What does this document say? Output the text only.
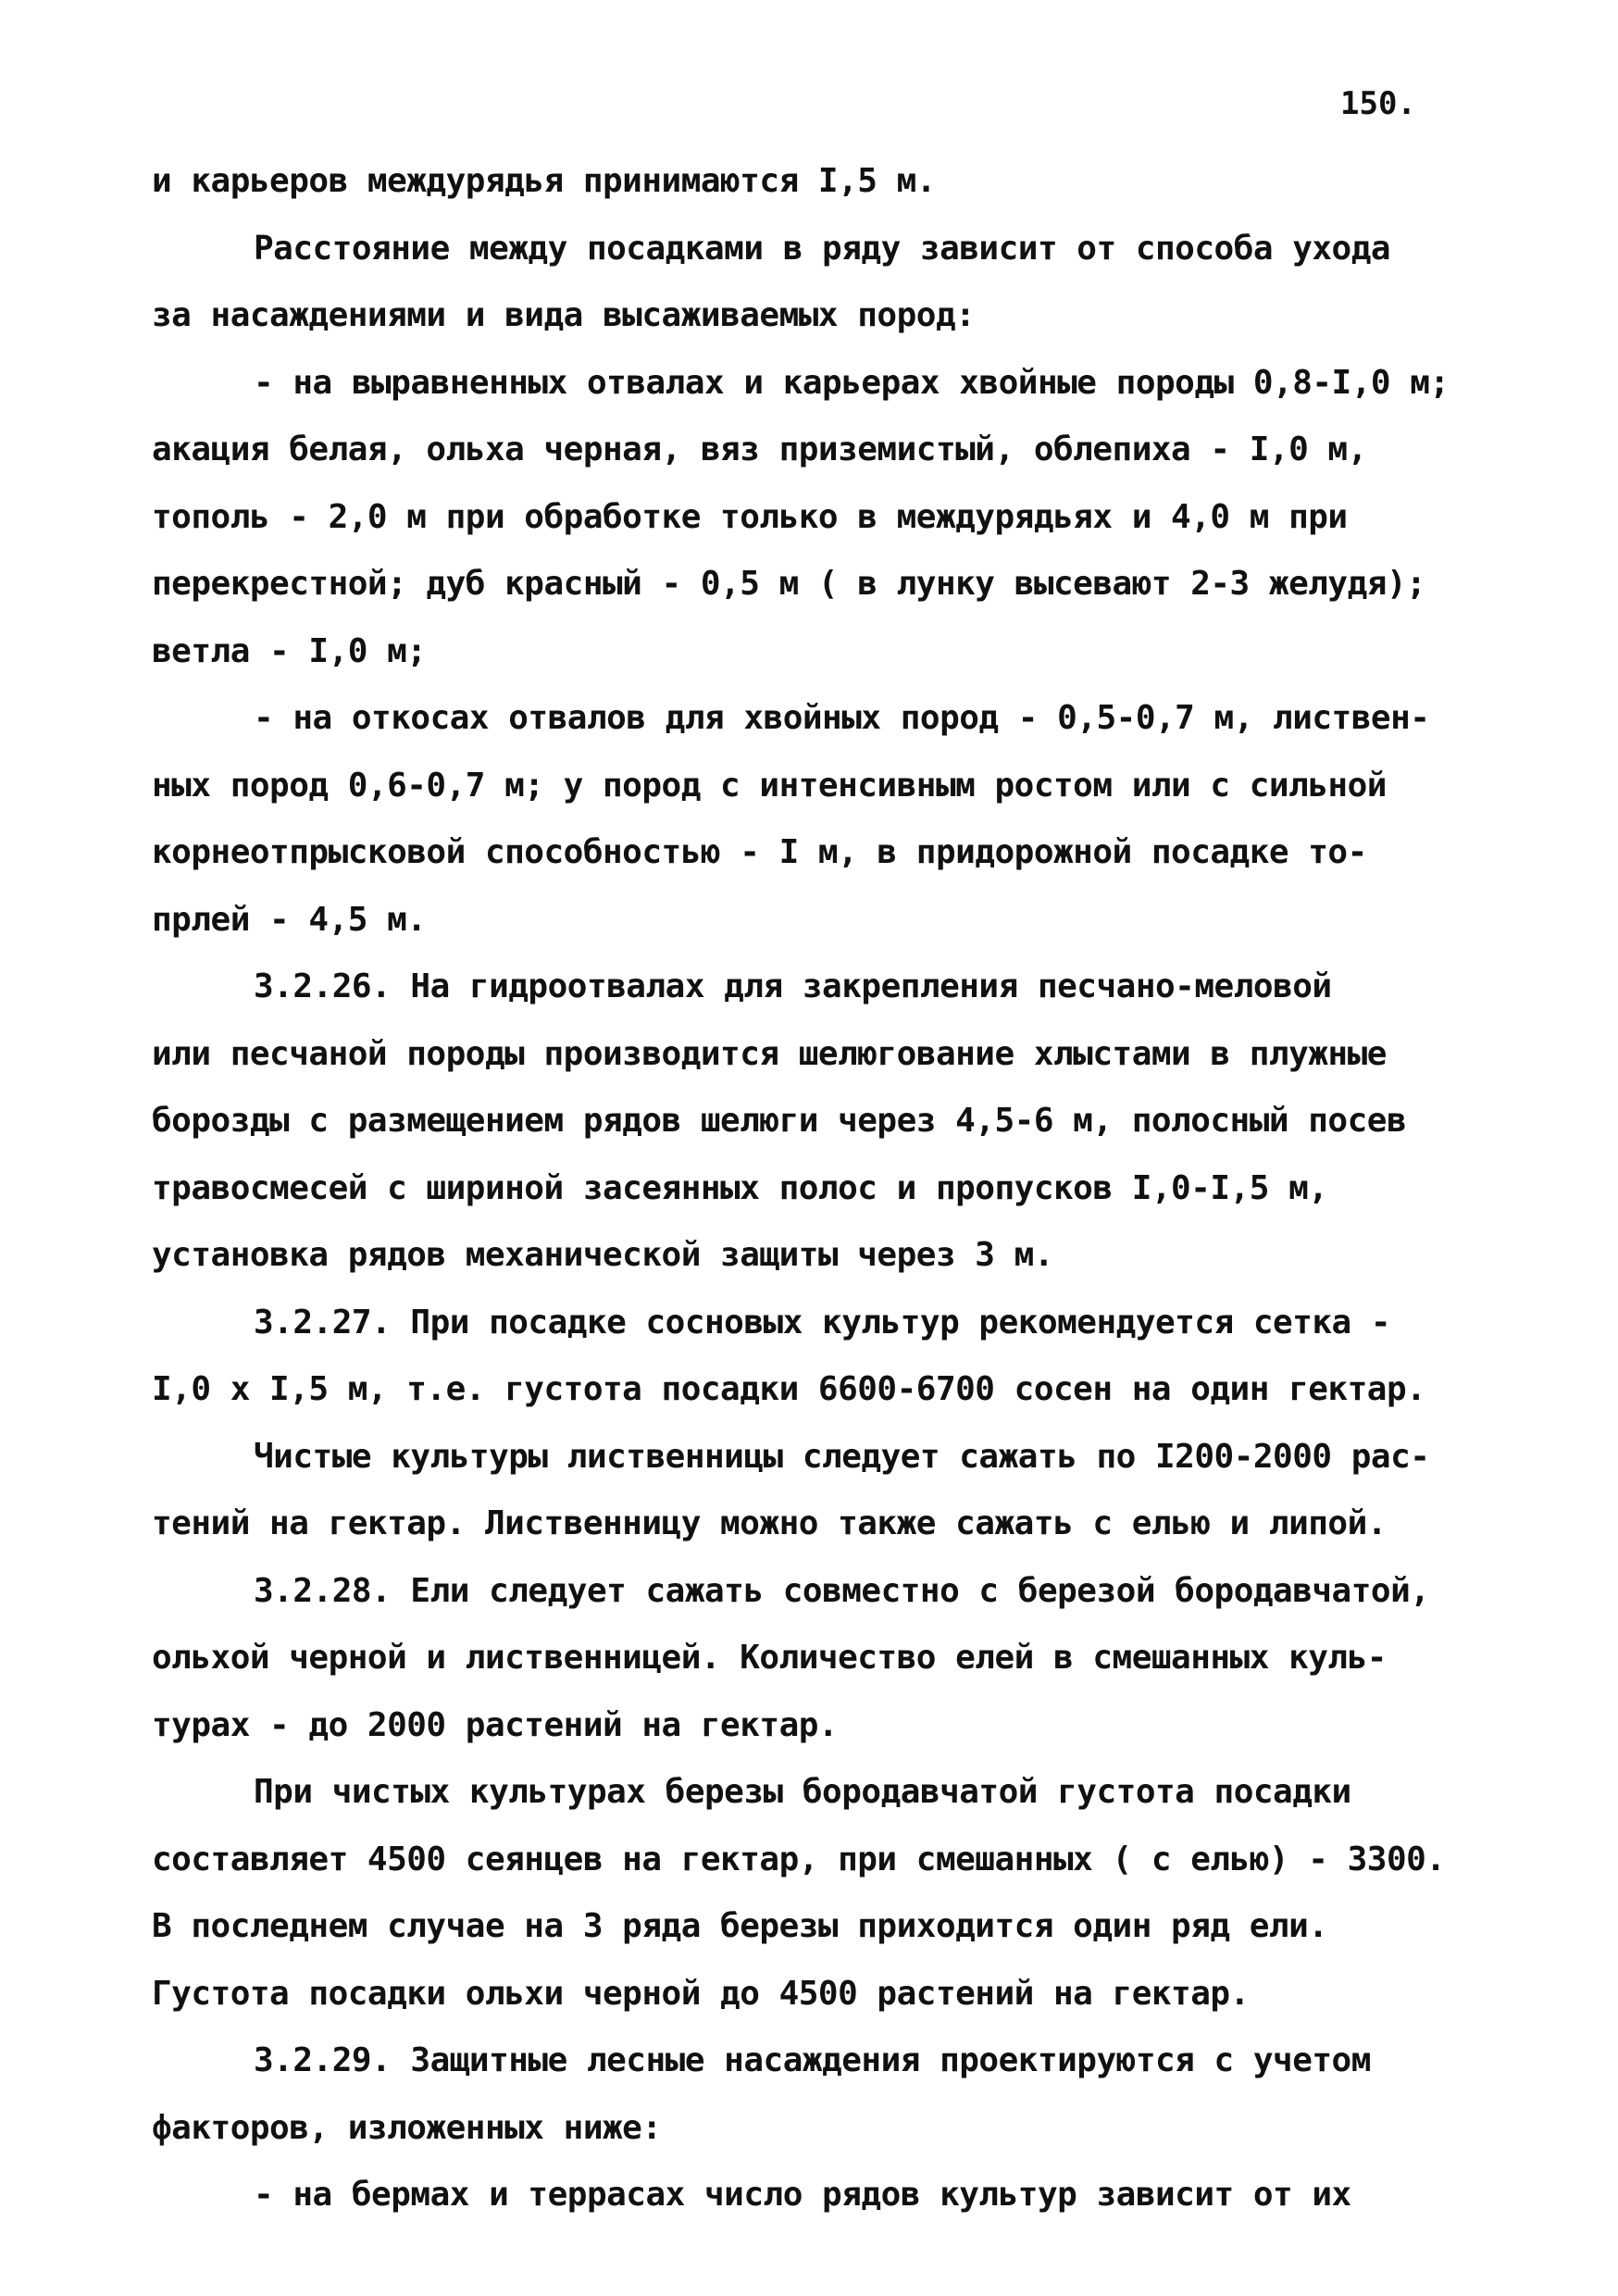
150.
и карьеров междурядья принимаются I,5 м.
Расстояние между посадками в ряду зависит от способа ухода
за насаждениями и вида высаживаемых пород:
- на выравненных отвалах и карьерах хвойные породы 0,8-I,0 м;
акация белая, ольха черная, вяз приземистый, облепиха - I,0 м,
тополь - 2,0 м при обработке только в междурядьях и 4,0 м при
перекрестной; дуб красный - 0,5 м ( в лунку высевают 2-3 желудя);
ветла - I,0 м;
- на откосах отвалов для хвойных пород - 0,5-0,7 м, листвен-
ных пород 0,6-0,7 м; у пород с интенсивным ростом или с сильной
корнеотпрысковой способностью - I м, в придорожной посадке то-
прлей - 4,5 м.
3.2.26. На гидроотвалах для закрепления песчано-меловой
или песчаной породы производится шелюгование хлыстами в плужные
борозды с размещением рядов шелюги через 4,5-6 м, полосный посев
травосмесей с шириной засеянных полос и пропусков I,0-I,5 м,
установка рядов механической защиты через 3 м.
3.2.27. При посадке сосновых культур рекомендуется сетка -
I,0 х I,5 м, т.е. густота посадки 6600-6700 сосен на один гектар.
Чистые культуры лиственницы следует сажать по I200-2000 рас-
тений на гектар. Лиственницу можно также сажать с елью и липой.
3.2.28. Ели следует сажать совместно с березой бородавчатой,
ольхой черной и лиственницей. Количество елей в смешанных куль-
турах - до 2000 растений на гектар.
При чистых культурах березы бородавчатой густота посадки
составляет 4500 сеянцев на гектар, при смешанных ( с елью) - 3300.
В последнем случае на 3 ряда березы приходится один ряд ели.
Густота посадки ольхи черной до 4500 растений на гектар.
3.2.29. Защитные лесные насаждения проектируются с учетом
факторов, изложенных ниже:
- на бермах и террасах число рядов культур зависит от их
